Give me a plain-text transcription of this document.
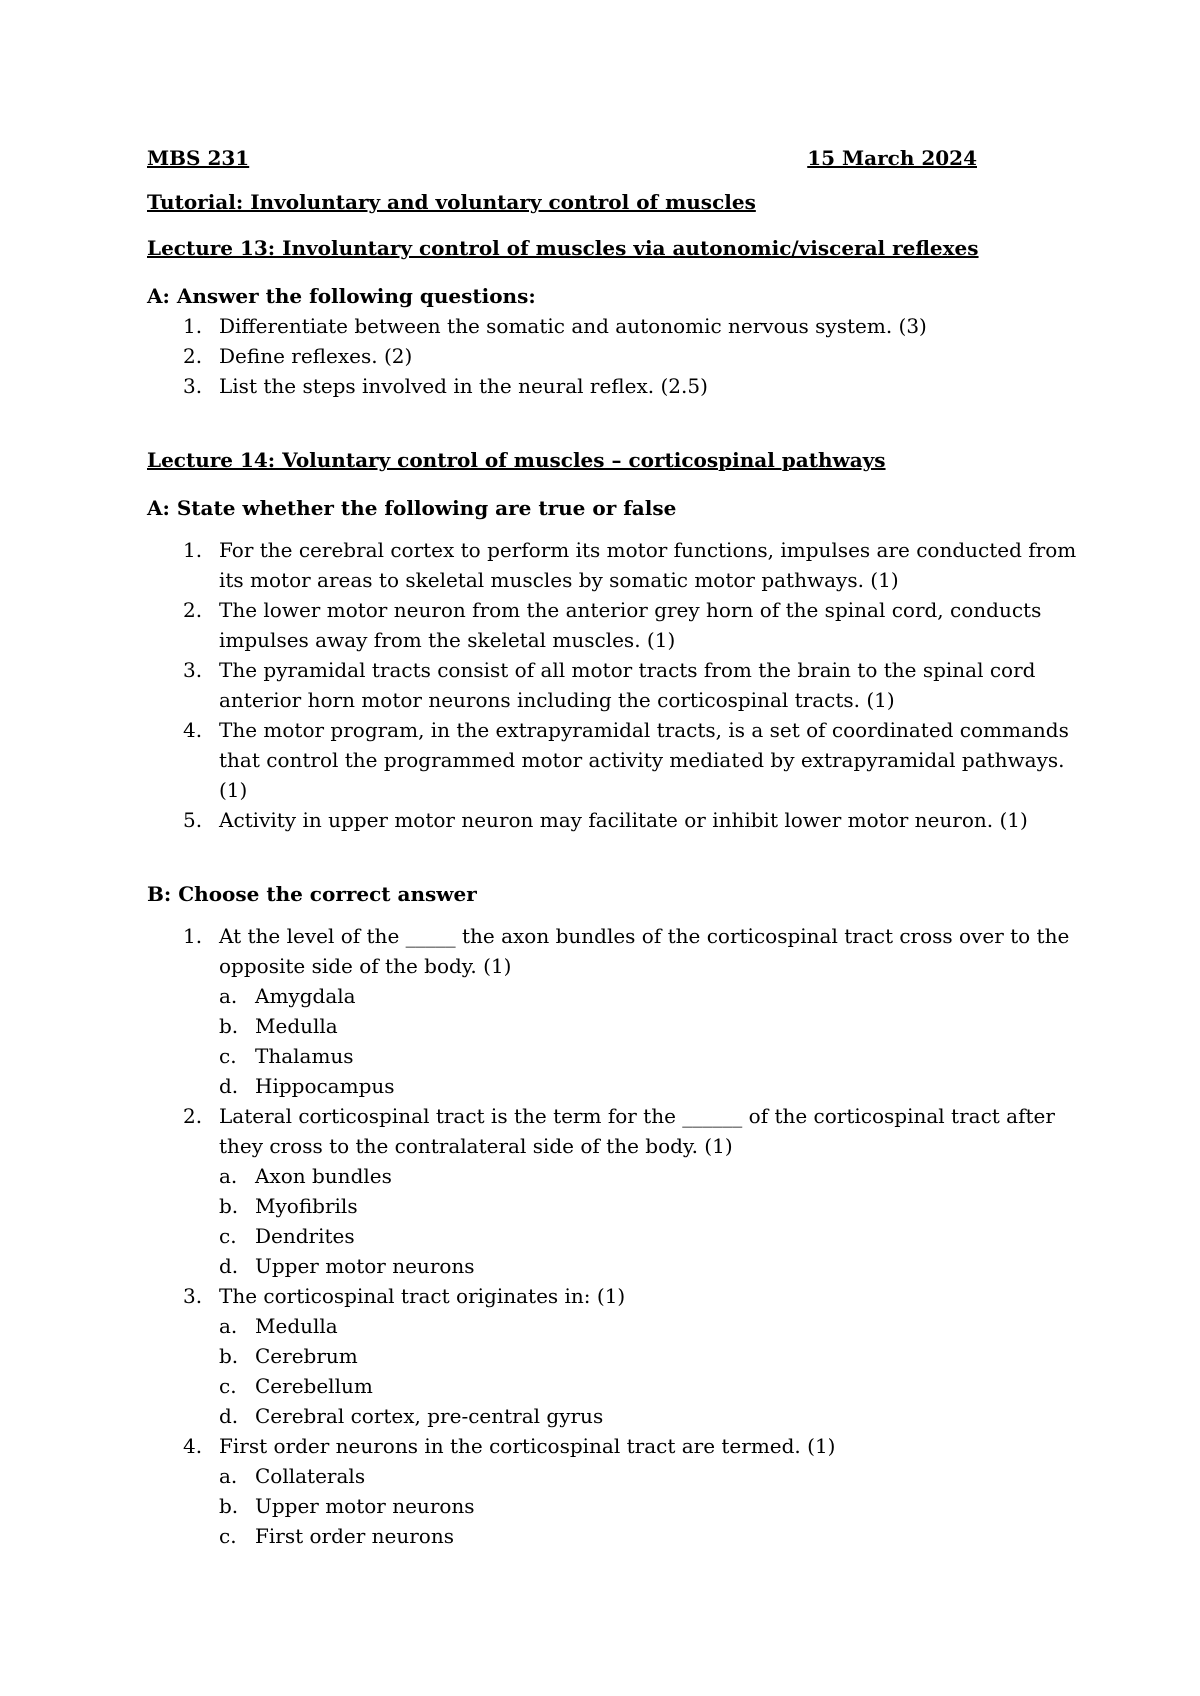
MBS 231	15 March 2024

Tutorial: Involuntary and voluntary control of muscles

Lecture 13: Involuntary control of muscles via autonomic/visceral reflexes

A: Answer the following questions:

1. Differentiate between the somatic and autonomic nervous system. (3)
2. Define reflexes. (2)
3. List the steps involved in the neural reflex. (2.5)

Lecture 14: Voluntary control of muscles – corticospinal pathways

A: State whether the following are true or false

1. For the cerebral cortex to perform its motor functions, impulses are conducted from its motor areas to skeletal muscles by somatic motor pathways. (1)
2. The lower motor neuron from the anterior grey horn of the spinal cord, conducts impulses away from the skeletal muscles. (1)
3. The pyramidal tracts consist of all motor tracts from the brain to the spinal cord anterior horn motor neurons including the corticospinal tracts. (1)
4. The motor program, in the extrapyramidal tracts, is a set of coordinated commands that control the programmed motor activity mediated by extrapyramidal pathways. (1)
5. Activity in upper motor neuron may facilitate or inhibit lower motor neuron. (1)

B: Choose the correct answer

1. At the level of the _____ the axon bundles of the corticospinal tract cross over to the opposite side of the body. (1)
a. Amygdala
b. Medulla
c. Thalamus
d. Hippocampus
2. Lateral corticospinal tract is the term for the ______ of the corticospinal tract after they cross to the contralateral side of the body. (1)
a. Axon bundles
b. Myofibrils
c. Dendrites
d. Upper motor neurons
3. The corticospinal tract originates in: (1)
a. Medulla
b. Cerebrum
c. Cerebellum
d. Cerebral cortex, pre-central gyrus
4. First order neurons in the corticospinal tract are termed. (1)
a. Collaterals
b. Upper motor neurons
c. First order neurons
